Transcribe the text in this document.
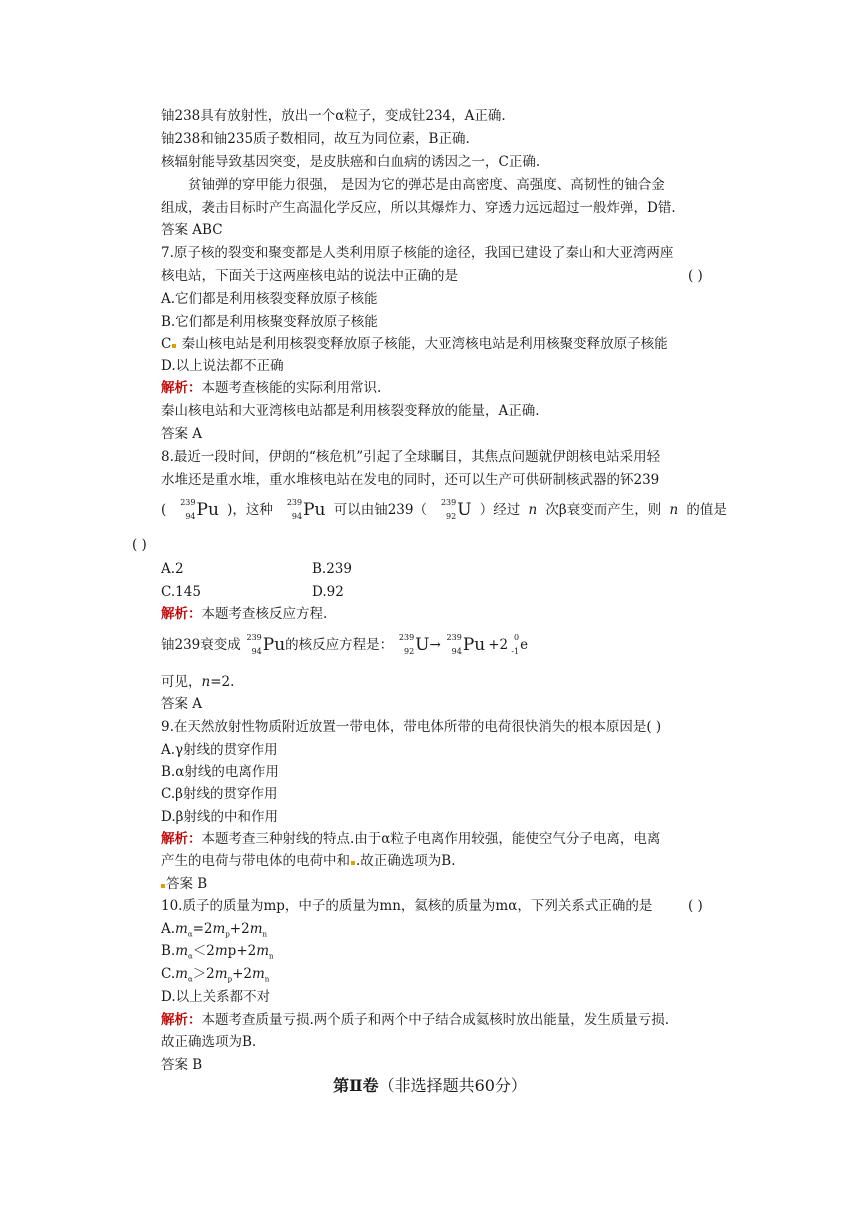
铀238具有放射性，放出一个α粒子，变成钍234，A正确.
铀238和铀235质子数相同，故互为同位素，B正确.
核辐射能导致基因突变，是皮肤癌和白血病的诱因之一，C正确.
贫铀弹的穿甲能力很强， 是因为它的弹芯是由高密度、高强度、高韧性的铀合金
组成，袭击目标时产生高温化学反应，所以其爆炸力、穿透力远远超过一般炸弹，D错.
答案 ABC
7.原子核的裂变和聚变都是人类利用原子核能的途径，我国已建设了秦山和大亚湾两座
核电站，下面关于这两座核电站的说法中正确的是	( )
A.它们都是利用核裂变释放原子核能
B.它们都是利用核聚变释放原子核能
C 秦山核电站是利用核裂变释放原子核能，大亚湾核电站是利用核聚变释放原子核能
D.以上说法都不正确
解析：本题考查核能的实际利用常识.
秦山核电站和大亚湾核电站都是利用核裂变释放的能量，A正确.
答案 A
8.最近一段时间，伊朗的“核危机”引起了全球瞩目，其焦点问题就伊朗核电站采用轻
水堆还是重水堆，重水堆核电站在发电的同时，还可以生产可供研制核武器的钚239
( 239
94 Pu )，这种 239
94 Pu 可以由铀239（ 239
92 U ）经过 n 次β衰变而产生，则 n 的值是
( )
A.2	B.239
C.145	D.92
解析：本题考查核反应方程.
铀239衰变成 239
94 Pu 的核反应方程是： 239
92 U → 239
94 Pu +2 0
-1 e
可见，n=2.
答案 A
9.在天然放射性物质附近放置一带电体，带电体所带的电荷很快消失的根本原因是( )
A.γ射线的贯穿作用
B.α射线的电离作用
C.β射线的贯穿作用
D.β射线的中和作用
解析：本题考查三种射线的特点.由于α粒子电离作用较强，能使空气分子电离，电离
产生的电荷与带电体的电荷中和 .故正确选项为B.
答案 B
10.质子的质量为mp，中子的质量为mn，氦核的质量为mα，下列关系式正确的是	( )
$A.m_\alpha=2m_p+2m_n$
$B.m_\alpha<2mp+2m_n$
$C.m_\alpha>2m_p+2m_n$
D.以上关系都不对
解析：本题考查质量亏损.两个质子和两个中子结合成氦核时放出能量，发生质量亏损.
故正确选项为B.
答案 B
第Ⅱ卷（非选择题共60分）
